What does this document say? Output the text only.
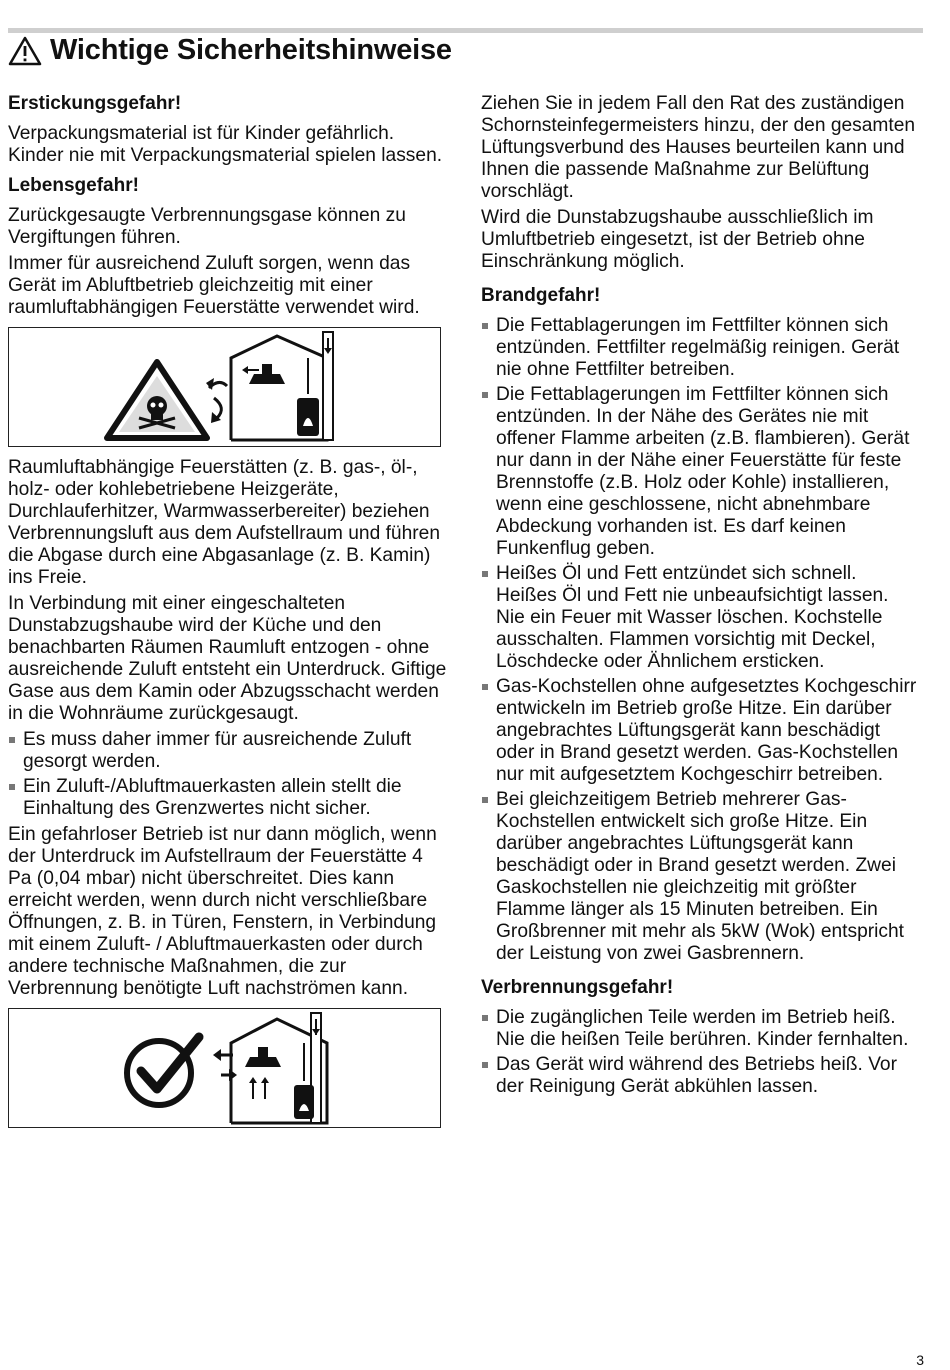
Wichtige Sicherheitshinweise
Erstickungsgefahr!

Verpackungsmaterial ist für Kinder gefährlich. Kinder nie mit Verpackungsmaterial spielen lassen.

Lebensgefahr!

Zurückgesaugte Verbrennungsgase können zu Vergiftungen führen.

Immer für ausreichend Zuluft sorgen, wenn das Gerät im Abluftbetrieb gleichzeitig mit einer raumluftabhängigen Feuerstätte verwendet wird.

Raumluftabhängige Feuerstätten (z. B. gas-, öl-, holz- oder kohlebetriebene Heizgeräte, Durchlauferhitzer, Warmwasserbereiter) beziehen Verbrennungsluft aus dem Aufstellraum und führen die Abgase durch eine Abgasanlage (z. B. Kamin) ins Freie.

In Verbindung mit einer eingeschalteten Dunstabzugshaube wird der Küche und den benachbarten Räumen Raumluft entzogen - ohne ausreichende Zuluft entsteht ein Unterdruck. Giftige Gase aus dem Kamin oder Abzugsschacht werden in die Wohnräume zurückgesaugt.

Es muss daher immer für ausreichende Zuluft gesorgt werden.
Ein Zuluft-/Abluftmauerkasten allein stellt die Einhaltung des Grenzwertes nicht sicher.

Ein gefahrloser Betrieb ist nur dann möglich, wenn der Unterdruck im Aufstellraum der Feuerstätte 4 Pa (0,04 mbar) nicht überschreitet. Dies kann erreicht werden, wenn durch nicht verschließbare Öffnungen, z. B. in Türen, Fenstern, in Verbindung mit einem Zuluft- / Abluftmauerkasten oder durch andere technische Maßnahmen, die zur Verbrennung benötigte Luft nachströmen kann.

Ziehen Sie in jedem Fall den Rat des zuständigen Schornsteinfegermeisters hinzu, der den gesamten Lüftungsverbund des Hauses beurteilen kann und Ihnen die passende Maßnahme zur Belüftung vorschlägt.

Wird die Dunstabzugshaube ausschließlich im Umluftbetrieb eingesetzt, ist der Betrieb ohne Einschränkung möglich.

Brandgefahr!
Die Fettablagerungen im Fettfilter können sich entzünden. Fettfilter regelmäßig reinigen. Gerät nie ohne Fettfilter betreiben.
Die Fettablagerungen im Fettfilter können sich entzünden. In der Nähe des Gerätes nie mit offener Flamme arbeiten (z.B. flambieren). Gerät nur dann in der Nähe einer Feuerstätte für feste Brennstoffe (z.B. Holz oder Kohle) installieren, wenn eine geschlossene, nicht abnehmbare Abdeckung vorhanden ist. Es darf keinen Funkenflug geben.
Heißes Öl und Fett entzündet sich schnell. Heißes Öl und Fett nie unbeaufsichtigt lassen. Nie ein Feuer mit Wasser löschen. Kochstelle ausschalten. Flammen vorsichtig mit Deckel, Löschdecke oder Ähnlichem ersticken.
Gas-Kochstellen ohne aufgesetztes Kochgeschirr entwickeln im Betrieb große Hitze. Ein darüber angebrachtes Lüftungsgerät kann beschädigt oder in Brand gesetzt werden. Gas-Kochstellen nur mit aufgesetztem Kochgeschirr betreiben.
Bei gleichzeitigem Betrieb mehrerer Gas-Kochstellen entwickelt sich große Hitze. Ein darüber angebrachtes Lüftungsgerät kann beschädigt oder in Brand gesetzt werden. Zwei Gaskochstellen nie gleichzeitig mit größter Flamme länger als 15 Minuten betreiben. Ein Großbrenner mit mehr als 5kW (Wok) entspricht der Leistung von zwei Gasbrennern.
Verbrennungsgefahr!
Die zugänglichen Teile werden im Betrieb heiß. Nie die heißen Teile berühren. Kinder fernhalten.
Das Gerät wird während des Betriebs heiß. Vor der Reinigung Gerät abkühlen lassen.
3
